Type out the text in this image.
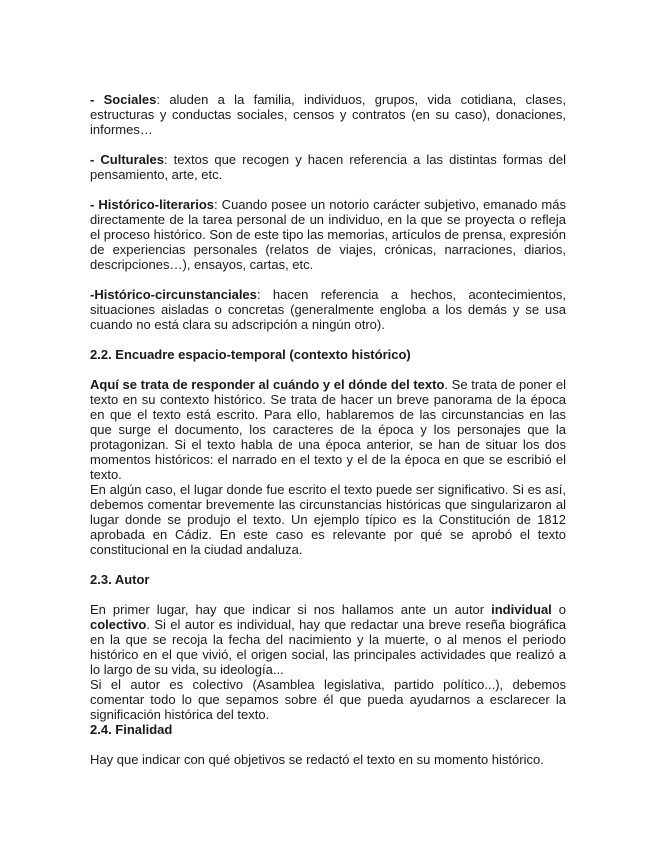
- Sociales: aluden a la familia, individuos, grupos, vida cotidiana, clases, estructuras y conductas sociales, censos y contratos (en su caso), donaciones, informes…

- Culturales: textos que recogen y hacen referencia a las distintas formas del pensamiento, arte, etc.

- Histórico-literarios: Cuando posee un notorio carácter subjetivo, emanado más directamente de la tarea personal de un individuo, en la que se proyecta o refleja el proceso histórico. Son de este tipo las memorias, artículos de prensa, expresión de experiencias personales (relatos de viajes, crónicas, narraciones, diarios, descripciones…), ensayos, cartas, etc.

-Histórico-circunstanciales: hacen referencia a hechos, acontecimientos, situaciones aisladas o concretas (generalmente engloba a los demás y se usa cuando no está clara su adscripción a ningún otro).

2.2. Encuadre espacio-temporal (contexto histórico)

Aquí se trata de responder al cuándo y el dónde del texto. Se trata de poner el texto en su contexto histórico. Se trata de hacer un breve panorama de la época en que el texto está escrito. Para ello, hablaremos de las circunstancias en las que surge el documento, los caracteres de la época y los personajes que la protagonizan. Si el texto habla de una época anterior, se han de situar los dos momentos históricos: el narrado en el texto y el de la época en que se escribió el texto.

En algún caso, el lugar donde fue escrito el texto puede ser significativo. Si es así, debemos comentar brevemente las circunstancias históricas que singularizaron al lugar donde se produjo el texto. Un ejemplo típico es la Constitución de 1812 aprobada en Cádiz. En este caso es relevante por qué se aprobó el texto constitucional en la ciudad andaluza.

2.3. Autor

En primer lugar, hay que indicar si nos hallamos ante un autor individual o colectivo. Si el autor es individual, hay que redactar una breve reseña biográfica en la que se recoja la fecha del nacimiento y la muerte, o al menos el periodo histórico en el que vivió, el origen social, las principales actividades que realizó a lo largo de su vida, su ideología...

Si el autor es colectivo (Asamblea legislativa, partido político...), debemos comentar todo lo que sepamos sobre él que pueda ayudarnos a esclarecer la significación histórica del texto.

2.4. Finalidad

Hay que indicar con qué objetivos se redactó el texto en su momento histórico.
